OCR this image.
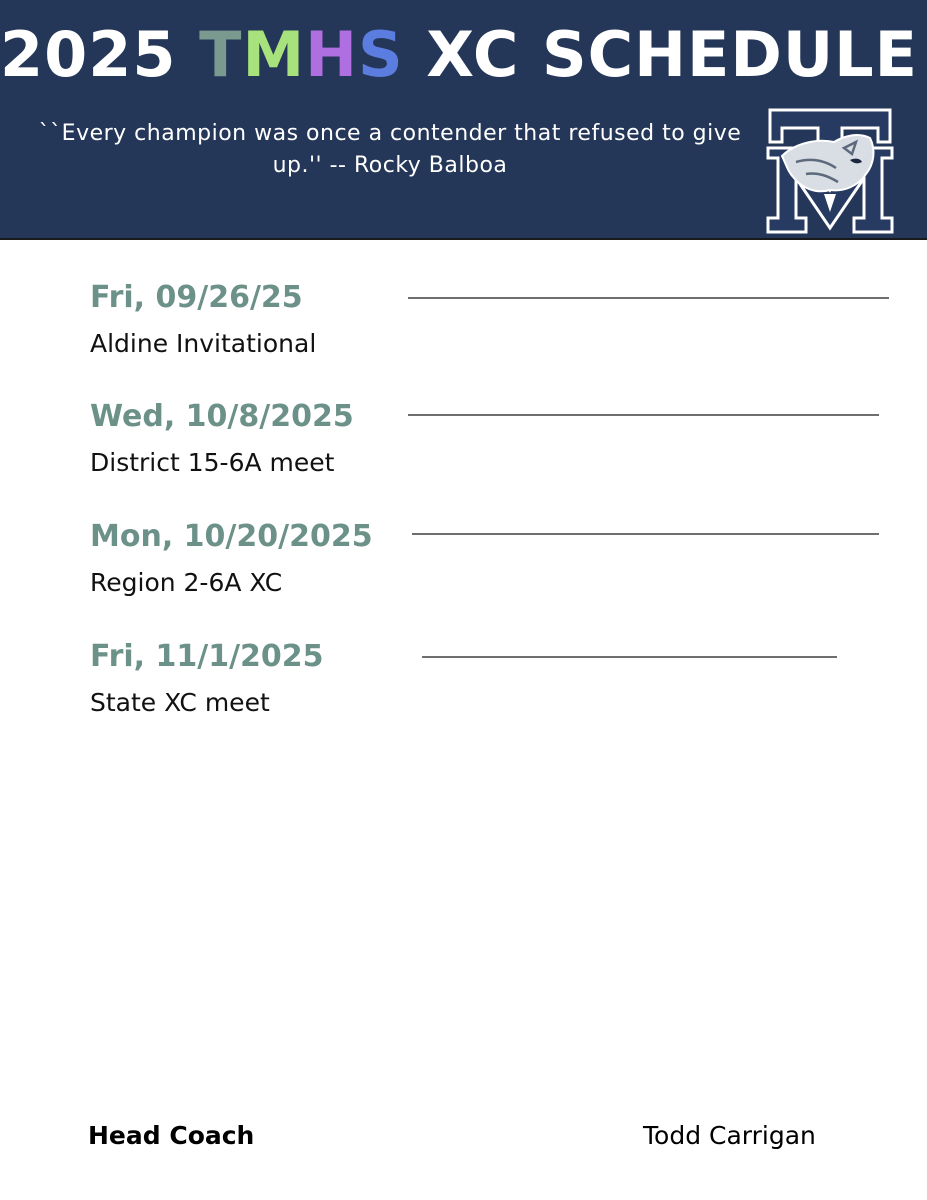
2025 TMHS XC SCHEDULE
``Every champion was once a contender that refused to give up.'' -- Rocky Balboa
Fri, 09/26/25
Aldine Invitational
Wed, 10/8/2025
District 15-6A meet
Mon, 10/20/2025
Region 2-6A XC
Fri, 11/1/2025
State XC meet
Head Coach	Todd Carrigan
